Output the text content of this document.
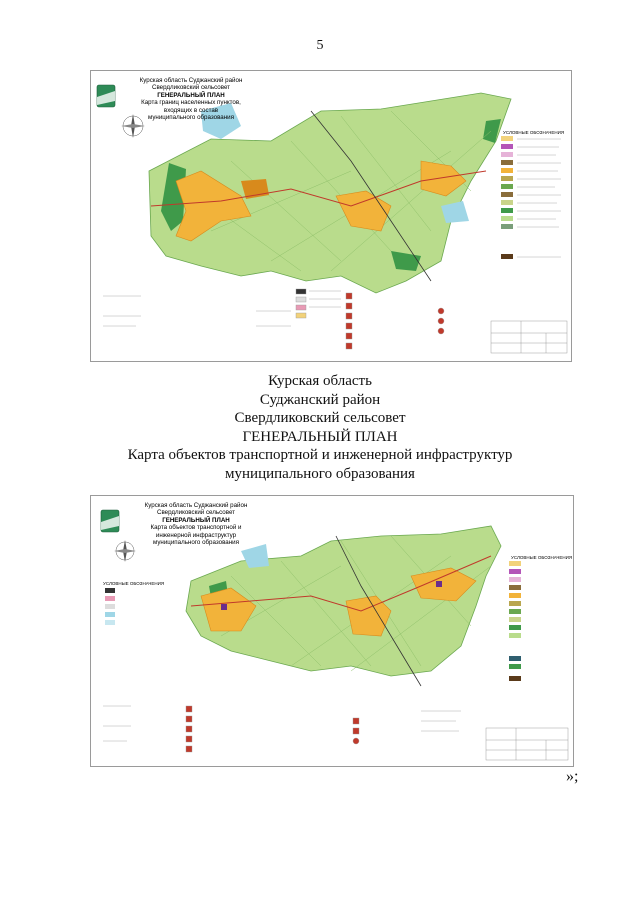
5
Курская область Суджанский район
Свердликовский сельсовет
ГЕНЕРАЛЬНЫЙ ПЛАН
Карта границ населенных пунктов,
входящих в состав
муниципального образования
УСЛОВНЫЕ ОБОЗНАЧЕНИЯ
Курская область
Суджанский район
Свердликовский сельсовет
ГЕНЕРАЛЬНЫЙ ПЛАН
Карта объектов транспортной и инженерной инфраструктур
муниципального образования
Курская область Суджанский район
Свердликовский сельсовет
ГЕНЕРАЛЬНЫЙ ПЛАН
Карта объектов транспортной и
инженерной инфраструктур
муниципального образования
УСЛОВНЫЕ ОБОЗНАЧЕНИЯ
УСЛОВНЫЕ ОБОЗНАЧЕНИЯ
»;
